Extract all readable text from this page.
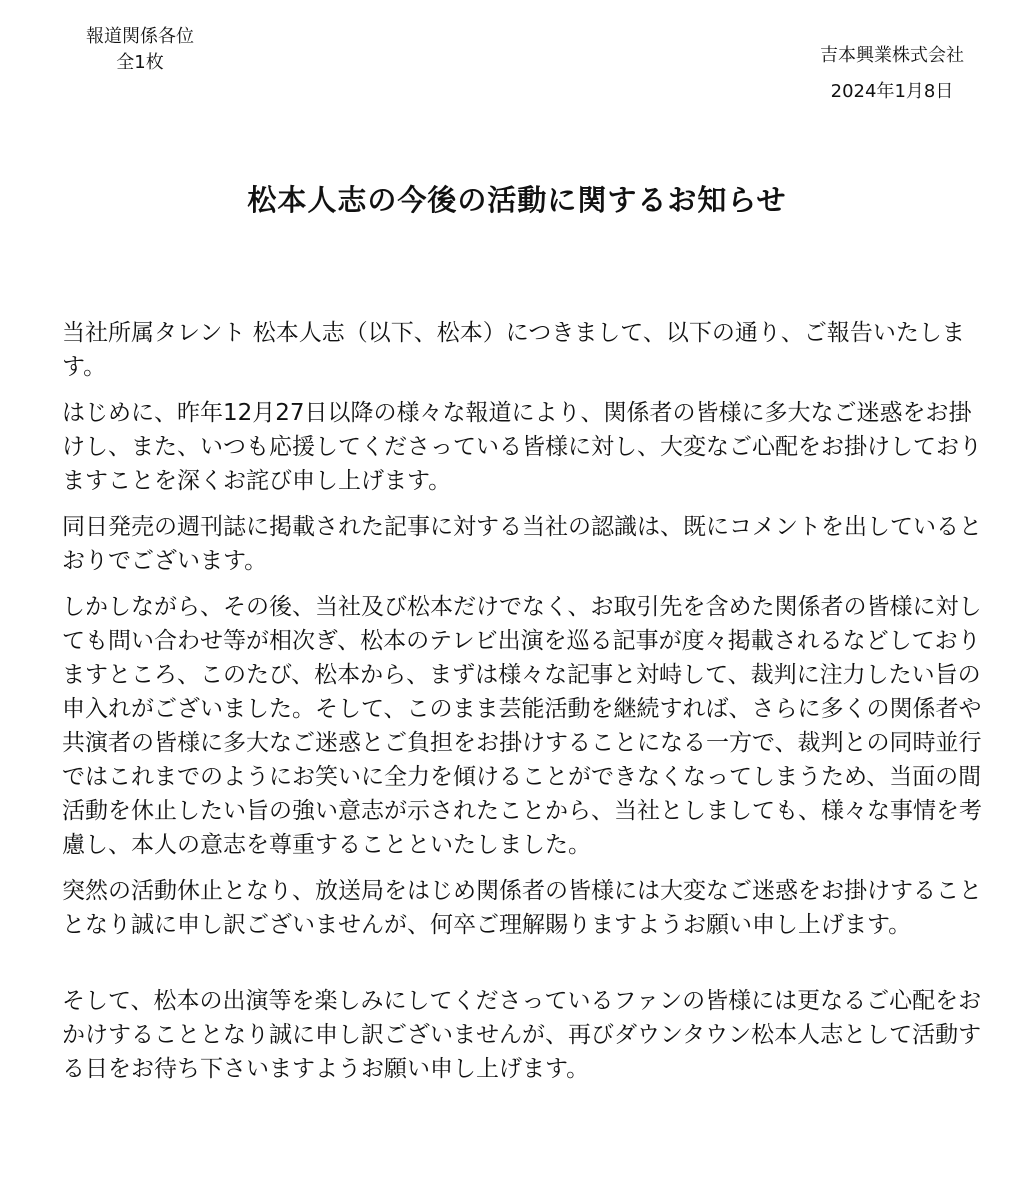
報道関係各位
全1枚	吉本興業株式会社
2024年1月8日
松本人志の今後の活動に関するお知らせ

当社所属タレント 松本人志（以下、松本）につきまして、以下の通り、ご報告いたします。

はじめに、昨年12月27日以降の様々な報道により、関係者の皆様に多大なご迷惑をお掛けし、また、いつも応援してくださっている皆様に対し、大変なご心配をお掛けしておりますことを深くお詫び申し上げます。

同日発売の週刊誌に掲載された記事に対する当社の認識は、既にコメントを出しているとおりでございます。

しかしながら、その後、当社及び松本だけでなく、お取引先を含めた関係者の皆様に対しても問い合わせ等が相次ぎ、松本のテレビ出演を巡る記事が度々掲載されるなどしておりますところ、このたび、松本から、まずは様々な記事と対峙して、裁判に注力したい旨の申入れがございました。そして、このまま芸能活動を継続すれば、さらに多くの関係者や共演者の皆様に多大なご迷惑とご負担をお掛けすることになる一方で、裁判との同時並行ではこれまでのようにお笑いに全力を傾けることができなくなってしまうため、当面の間活動を休止したい旨の強い意志が示されたことから、当社としましても、様々な事情を考慮し、本人の意志を尊重することといたしました。

突然の活動休止となり、放送局をはじめ関係者の皆様には大変なご迷惑をお掛けすることとなり誠に申し訳ございませんが、何卒ご理解賜りますようお願い申し上げます。

そして、松本の出演等を楽しみにしてくださっているファンの皆様には更なるご心配をおかけすることとなり誠に申し訳ございませんが、再びダウンタウン松本人志として活動する日をお待ち下さいますようお願い申し上げます。
